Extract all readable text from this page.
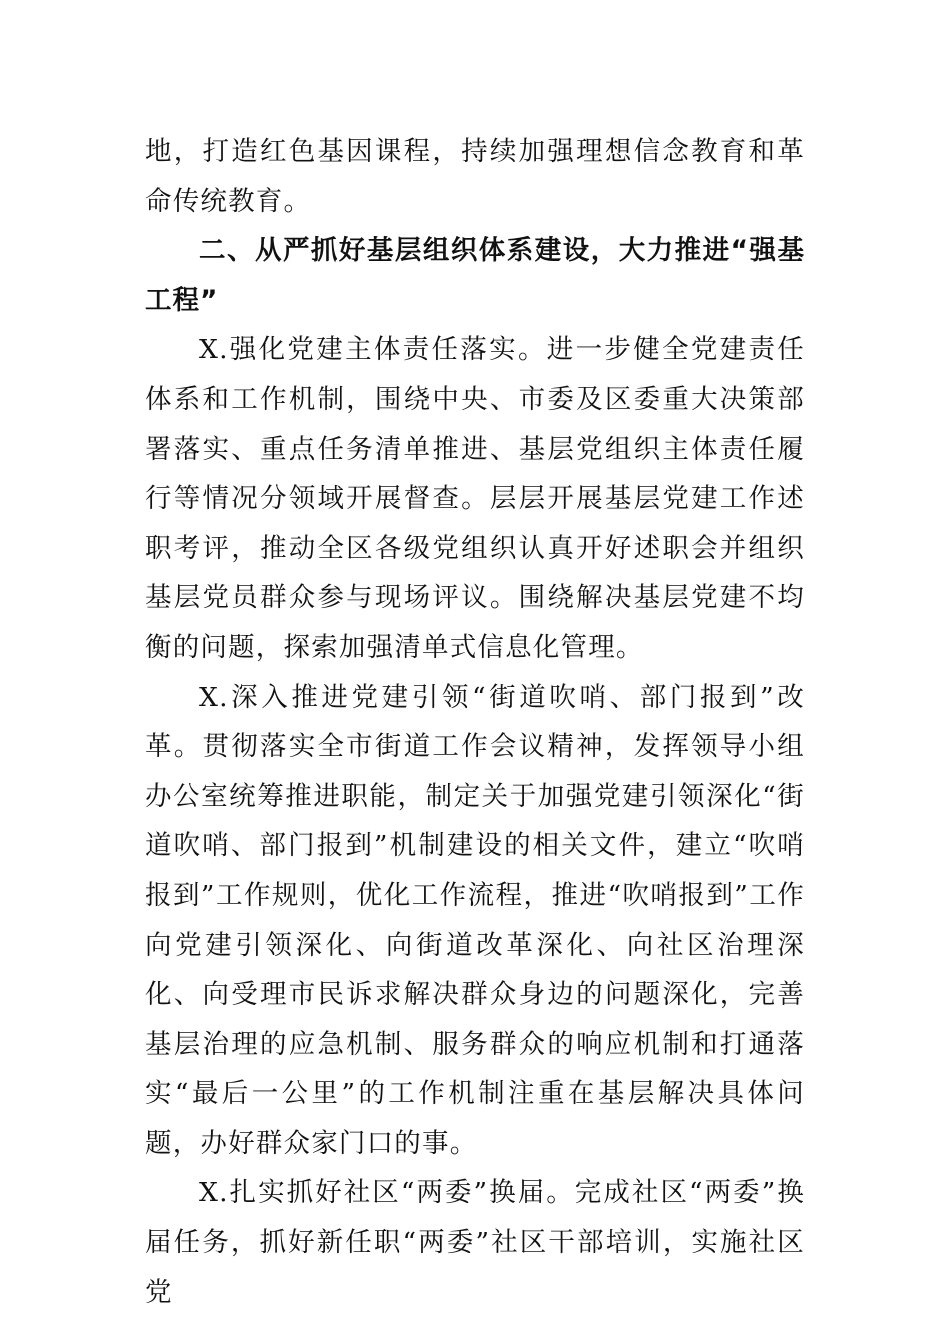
地，打造红色基因课程，持续加强理想信念教育和革命传统教育。

二、从严抓好基层组织体系建设，大力推进“强基工程”

X.强化党建主体责任落实。进一步健全党建责任体系和工作机制，围绕中央、市委及区委重大决策部署落实、重点任务清单推进、基层党组织主体责任履行等情况分领域开展督查。层层开展基层党建工作述职考评，推动全区各级党组织认真开好述职会并组织基层党员群众参与现场评议。围绕解决基层党建不均衡的问题，探索加强清单式信息化管理。

X.深入推进党建引领“街道吹哨、部门报到”改革。贯彻落实全市街道工作会议精神，发挥领导小组办公室统筹推进职能，制定关于加强党建引领深化“街道吹哨、部门报到”机制建设的相关文件，建立“吹哨报到”工作规则，优化工作流程，推进“吹哨报到”工作向党建引领深化、向街道改革深化、向社区治理深化、向受理市民诉求解决群众身边的问题深化，完善基层治理的应急机制、服务群众的响应机制和打通落实“最后一公里”的工作机制注重在基层解决具体问题，办好群众家门口的事。

X.扎实抓好社区“两委”换届。完成社区“两委”换届任务，抓好新任职“两委”社区干部培训，实施社区党
